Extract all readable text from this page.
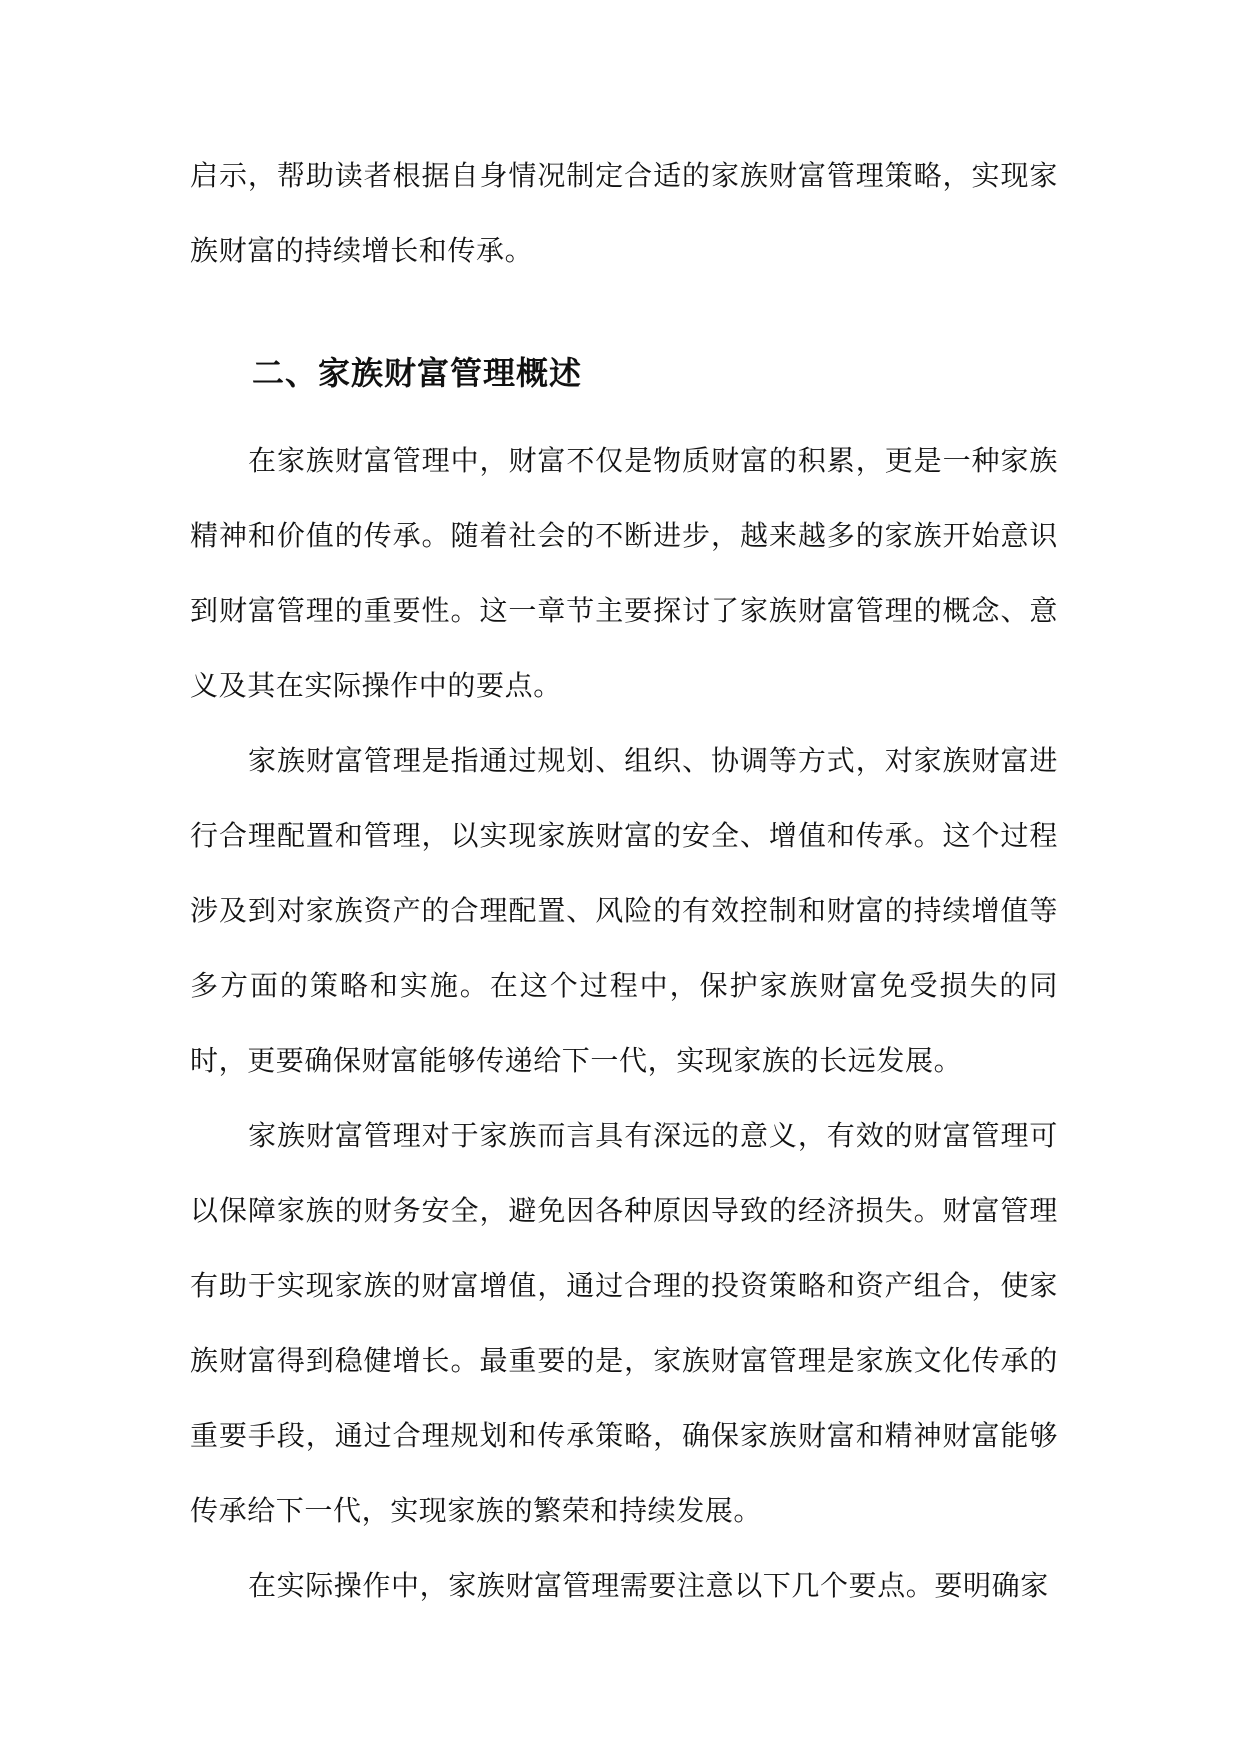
启示，帮助读者根据自身情况制定合适的家族财富管理策略，实现家族财富的持续增长和传承。

二、家族财富管理概述

在家族财富管理中，财富不仅是物质财富的积累，更是一种家族精神和价值的传承。随着社会的不断进步，越来越多的家族开始意识到财富管理的重要性。这一章节主要探讨了家族财富管理的概念、意义及其在实际操作中的要点。

家族财富管理是指通过规划、组织、协调等方式，对家族财富进行合理配置和管理，以实现家族财富的安全、增值和传承。这个过程涉及到对家族资产的合理配置、风险的有效控制和财富的持续增值等多方面的策略和实施。在这个过程中，保护家族财富免受损失的同时，更要确保财富能够传递给下一代，实现家族的长远发展。

家族财富管理对于家族而言具有深远的意义，有效的财富管理可以保障家族的财务安全，避免因各种原因导致的经济损失。财富管理有助于实现家族的财富增值，通过合理的投资策略和资产组合，使家族财富得到稳健增长。最重要的是，家族财富管理是家族文化传承的重要手段，通过合理规划和传承策略，确保家族财富和精神财富能够传承给下一代，实现家族的繁荣和持续发展。

在实际操作中，家族财富管理需要注意以下几个要点。要明确家
